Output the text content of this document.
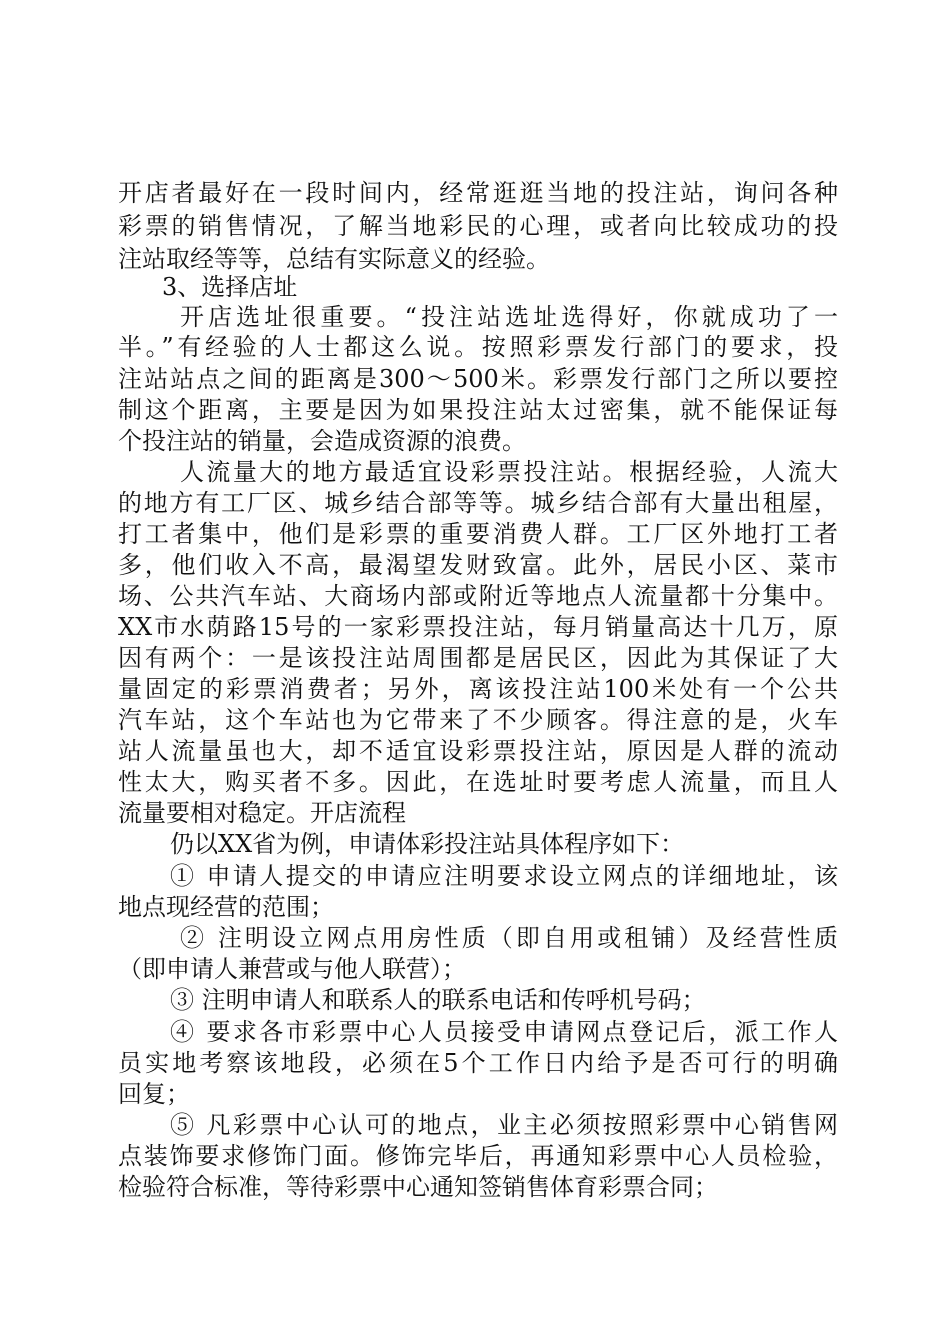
开店者最好在一段时间内，经常逛逛当地的投注站，询问各种
彩票的销售情况，了解当地彩民的心理，或者向比较成功的投
注站取经等等，总结有实际意义的经验。
3、选择店址
开店选址很重要。“投注站选址选得好，你就成功了一
半。”有经验的人士都这么说。按照彩票发行部门的要求，投
注站站点之间的距离是300～500米。彩票发行部门之所以要控
制这个距离，主要是因为如果投注站太过密集，就不能保证每
个投注站的销量，会造成资源的浪费。
人流量大的地方最适宜设彩票投注站。根据经验，人流大
的地方有工厂区、城乡结合部等等。城乡结合部有大量出租屋，
打工者集中，他们是彩票的重要消费人群。工厂区外地打工者
多，他们收入不高，最渴望发财致富。此外，居民小区、菜市
场、公共汽车站、大商场内部或附近等地点人流量都十分集中。
XX市水荫路15号的一家彩票投注站，每月销量高达十几万，原
因有两个：一是该投注站周围都是居民区，因此为其保证了大
量固定的彩票消费者；另外，离该投注站100米处有一个公共
汽车站，这个车站也为它带来了不少顾客。得注意的是，火车
站人流量虽也大，却不适宜设彩票投注站，原因是人群的流动
性太大，购买者不多。因此，在选址时要考虑人流量，而且人
流量要相对稳定。开店流程
仍以XX省为例，申请体彩投注站具体程序如下：
① 申请人提交的申请应注明要求设立网点的详细地址，该
地点现经营的范围；
② 注明设立网点用房性质（即自用或租铺）及经营性质
（即申请人兼营或与他人联营）；
③ 注明申请人和联系人的联系电话和传呼机号码；
④ 要求各市彩票中心人员接受申请网点登记后，派工作人
员实地考察该地段，必须在5个工作日内给予是否可行的明确
回复；
⑤ 凡彩票中心认可的地点，业主必须按照彩票中心销售网
点装饰要求修饰门面。修饰完毕后，再通知彩票中心人员检验，
检验符合标准，等待彩票中心通知签销售体育彩票合同；
